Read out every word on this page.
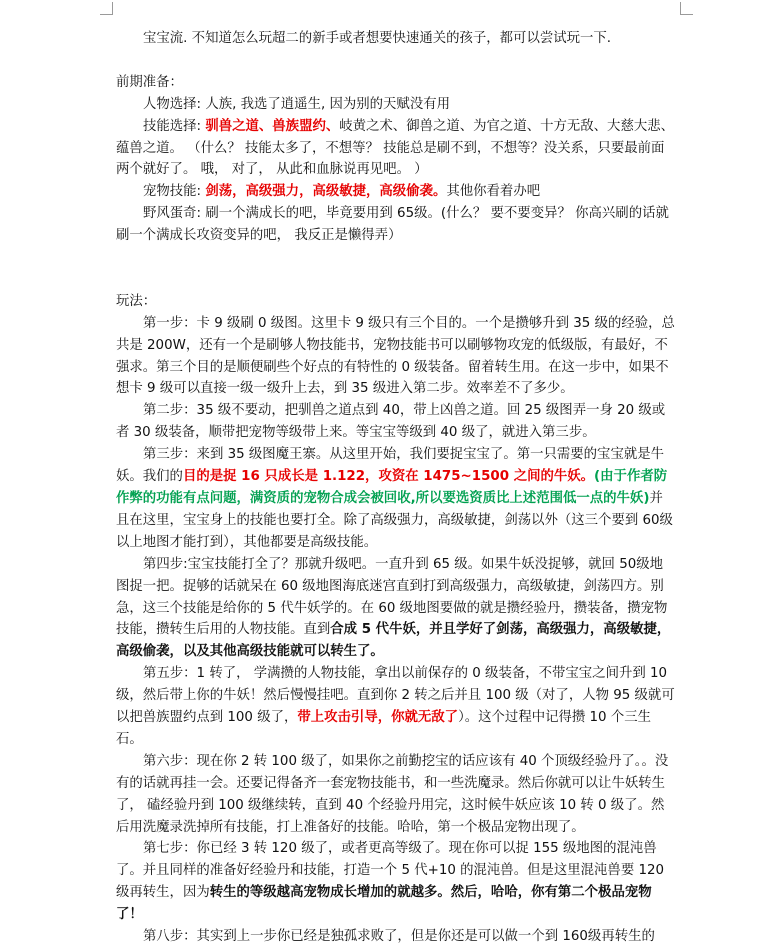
宝宝流. 不知道怎么玩超二的新手或者想要快速通关的孩子，都可以尝试玩一下.

前期准备：

人物选择: 人族, 我选了逍遥生, 因为别的天赋没有用

技能选择: 驯兽之道、兽族盟约、岐黄之术、御兽之道、为官之道、十方无敌、大慈大悲、蕴兽之道。 （什么？ 技能太多了，不想等？ 技能总是刷不到，不想等？没关系，只要最前面两个就好了。 哦， 对了， 从此和血脉说再见吧。 ）

宠物技能: 剑荡，高级强力，高级敏捷，高级偷袭。其他你看着办吧

野风蛋奇: 刷一个满成长的吧，毕竟要用到 65级。(什么？ 要不要变异？ 你高兴刷的话就刷一个满成长攻资变异的吧， 我反正是懒得弄）

玩法：

第一步：卡 9 级刷 0 级图。这里卡 9 级只有三个目的。一个是攒够升到 35 级的经验，总共是 200W，还有一个是刷够人物技能书，宠物技能书可以刷够物攻宠的低级版，有最好，不强求。第三个目的是顺便刷些个好点的有特性的 0 级装备。留着转生用。在这一步中，如果不想卡 9 级可以直接一级一级升上去，到 35 级进入第二步。效率差不了多少。

第二步：35 级不要动，把驯兽之道点到 40，带上凶兽之道。回 25 级图弄一身 20 级或者 30 级装备，顺带把宠物等级带上来。等宝宝等级到 40 级了，就进入第三步。

第三步：来到 35 级图魔王寨。从这里开始，我们要捉宝宝了。第一只需要的宝宝就是牛妖。我们的目的是捉 16 只成长是 1.122，攻资在 1475~1500 之间的牛妖。(由于作者防作弊的功能有点问题，满资质的宠物合成会被回收,所以要选资质比上述范围低一点的牛妖)并且在这里，宝宝身上的技能也要打全。除了高级强力，高级敏捷，剑荡以外（这三个要到 60级以上地图才能打到），其他都要是高级技能。

第四步:宝宝技能打全了？那就升级吧。一直升到 65 级。如果牛妖没捉够，就回 50级地图捉一把。捉够的话就呆在 60 级地图海底迷宫直到打到高级强力，高级敏捷，剑荡四方。别急，这三个技能是给你的 5 代牛妖学的。在 60 级地图要做的就是攒经验丹，攒装备，攒宠物技能，攒转生后用的人物技能。直到合成 5 代牛妖，并且学好了剑荡，高级强力，高级敏捷，高级偷袭，以及其他高级技能就可以转生了。

第五步：1 转了， 学满攒的人物技能，拿出以前保存的 0 级装备，不带宝宝之间升到 10级，然后带上你的牛妖！然后慢慢挂吧。直到你 2 转之后并且 100 级（对了，人物 95 级就可以把兽族盟约点到 100 级了，带上攻击引导，你就无敌了）。这个过程中记得攒 10 个三生石。

第六步：现在你 2 转 100 级了，如果你之前勤挖宝的话应该有 40 个顶级经验丹了。。没有的话就再挂一会。还要记得备齐一套宠物技能书，和一些洗魔录。然后你就可以让牛妖转生了， 磕经验丹到 100 级继续转，直到 40 个经验丹用完，这时候牛妖应该 10 转 0 级了。然后用洗魔录洗掉所有技能，打上准备好的技能。哈哈，第一个极品宠物出现了。

第七步：你已经 3 转 120 级了，或者更高等级了。现在你可以捉 155 级地图的混沌兽了。并且同样的准备好经验丹和技能，打造一个 5 代+10 的混沌兽。但是这里混沌兽要 120 级再转生，因为转生的等级越高宠物成长增加的就越多。然后，哈哈，你有第二个极品宠物了！

第八步：其实到上一步你已经是独孤求败了，但是你还是可以做一个到 160级再转生的
